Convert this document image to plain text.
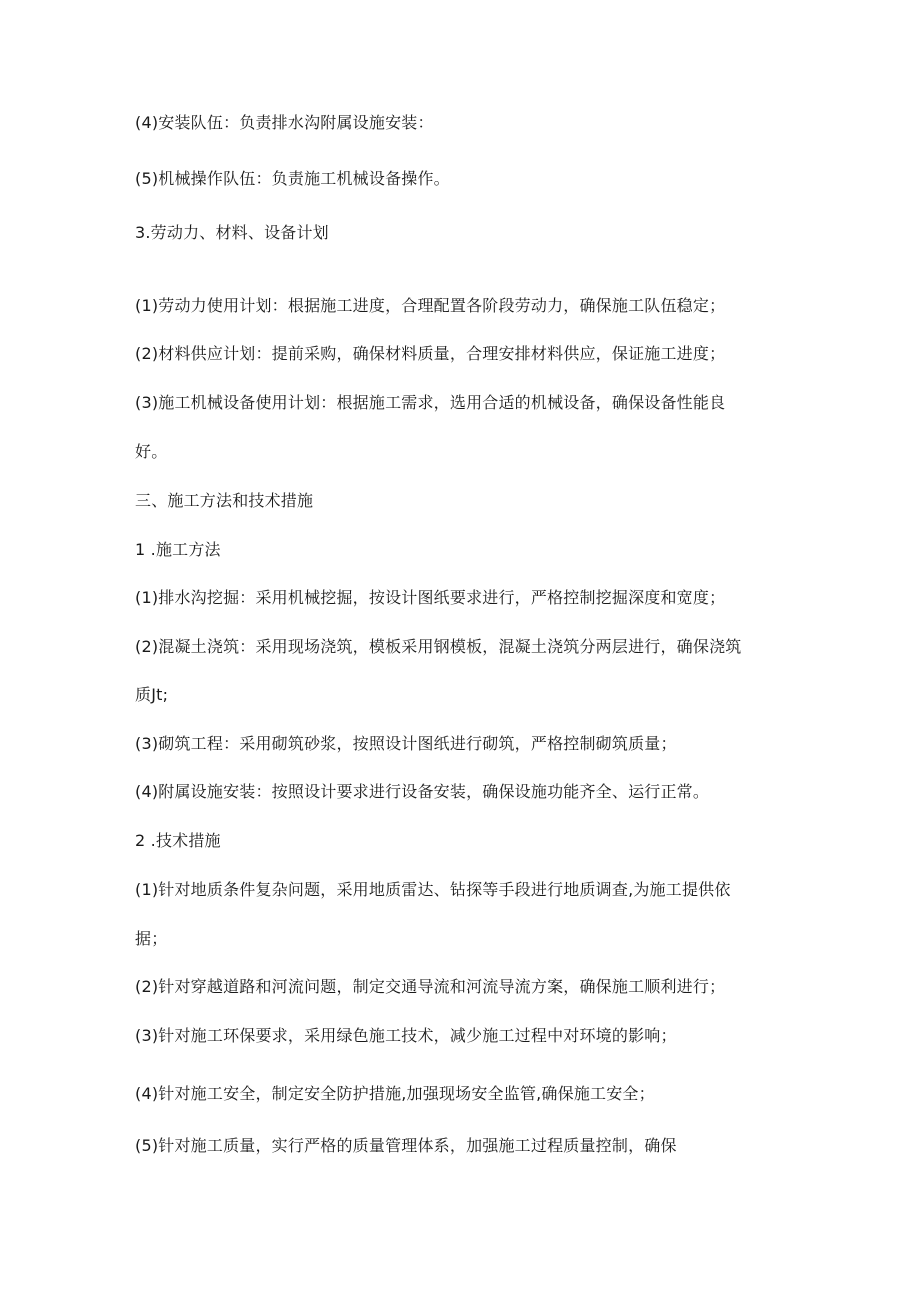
(4)安装队伍：负责排水沟附属设施安装：
(5)机械操作队伍：负责施工机械设备操作。
3.劳动力、材料、设备计划
(1)劳动力使用计划：根据施工进度，合理配置各阶段劳动力，确保施工队伍稳定；
(2)材料供应计划：提前采购，确保材料质量，合理安排材料供应，保证施工进度；
(3)施工机械设备使用计划：根据施工需求，选用合适的机械设备，确保设备性能良
好。
三、施工方法和技术措施
1 .施工方法
(1)排水沟挖掘：采用机械挖掘，按设计图纸要求进行，严格控制挖掘深度和宽度；
(2)混凝土浇筑：采用现场浇筑，模板采用钢模板，混凝土浇筑分两层进行，确保浇筑
质Jt;
(3)砌筑工程：采用砌筑砂浆，按照设计图纸进行砌筑，严格控制砌筑质量；
(4)附属设施安装：按照设计要求进行设备安装，确保设施功能齐全、运行正常。
2 .技术措施
(1)针对地质条件复杂问题，采用地质雷达、钻探等手段进行地质调查,为施工提供依
据；
(2)针对穿越道路和河流问题，制定交通导流和河流导流方案，确保施工顺利进行；
(3)针对施工环保要求，采用绿色施工技术，减少施工过程中对环境的影响；
(4)针对施工安全，制定安全防护措施,加强现场安全监管,确保施工安全；
(5)针对施工质量，实行严格的质量管理体系，加强施工过程质量控制，确保
